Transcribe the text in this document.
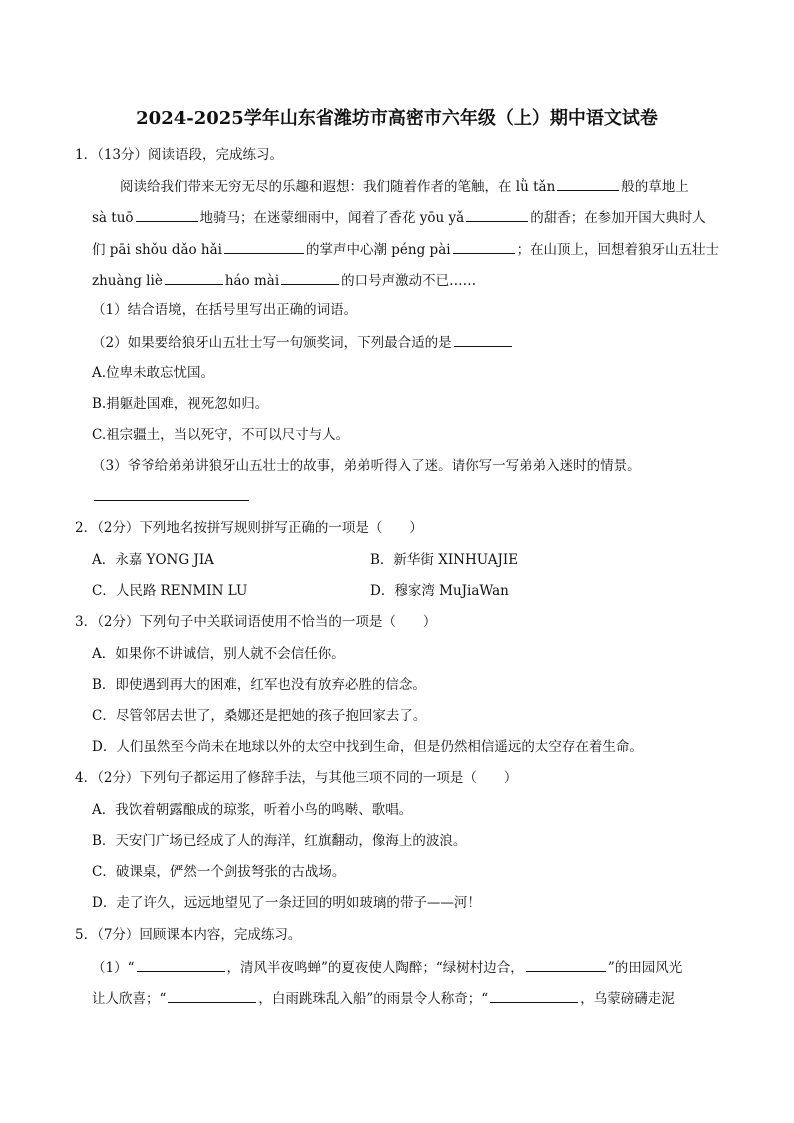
2024-2025学年山东省潍坊市高密市六年级（上）期中语文试卷
1．（13分）阅读语段，完成练习。
阅读给我们带来无穷无尽的乐趣和遐想：我们随着作者的笔触，在 lǜ tǎn	般的草地上
sà tuō	地骑马；在迷蒙细雨中，闻着了香花 yōu yǎ	的甜香；在参加开国大典时人
们 pāi shǒu dǎo hǎi	的掌声中心潮 péng pài	；在山顶上，回想着狼牙山五壮士
zhuàng liè	háo mài	的口号声激动不已……
（1）结合语境，在括号里写出正确的词语。
（2）如果要给狼牙山五壮士写一句颁奖词，下列最合适的是
A.位卑未敢忘忧国。
B.捐躯赴国难，视死忽如归。
C.祖宗疆土，当以死守，不可以尺寸与人。
（3）爷爷给弟弟讲狼牙山五壮士的故事，弟弟听得入了迷。请你写一写弟弟入迷时的情景。
2．（2分）下列地名按拼写规则拼写正确的一项是（　　）
A．永嘉 YONG JIA	B．新华街 XINHUAJIE
C．人民路 RENMIN LU	D．穆家湾 MuJiaWan
3．（2分）下列句子中关联词语使用不恰当的一项是（　　）
A．如果你不讲诚信，别人就不会信任你。
B．即使遇到再大的困难，红军也没有放弃必胜的信念。
C．尽管邻居去世了，桑娜还是把她的孩子抱回家去了。
D．人们虽然至今尚未在地球以外的太空中找到生命，但是仍然相信遥远的太空存在着生命。
4．（2分）下列句子都运用了修辞手法，与其他三项不同的一项是（　　）
A．我饮着朝露酿成的琼浆，听着小鸟的鸣啭、歌唱。
B．天安门广场已经成了人的海洋，红旗翻动，像海上的波浪。
C．破课桌，俨然一个剑拔弩张的古战场。
D．走了许久，远远地望见了一条迂回的明如玻璃的带子——河！
5．（7分）回顾课本内容，完成练习。
（1）“	，清风半夜鸣蝉”的夏夜使人陶醉；“绿树村边合，	”的田园风光
让人欣喜；“	，白雨跳珠乱入船”的雨景令人称奇；“	，乌蒙磅礴走泥
